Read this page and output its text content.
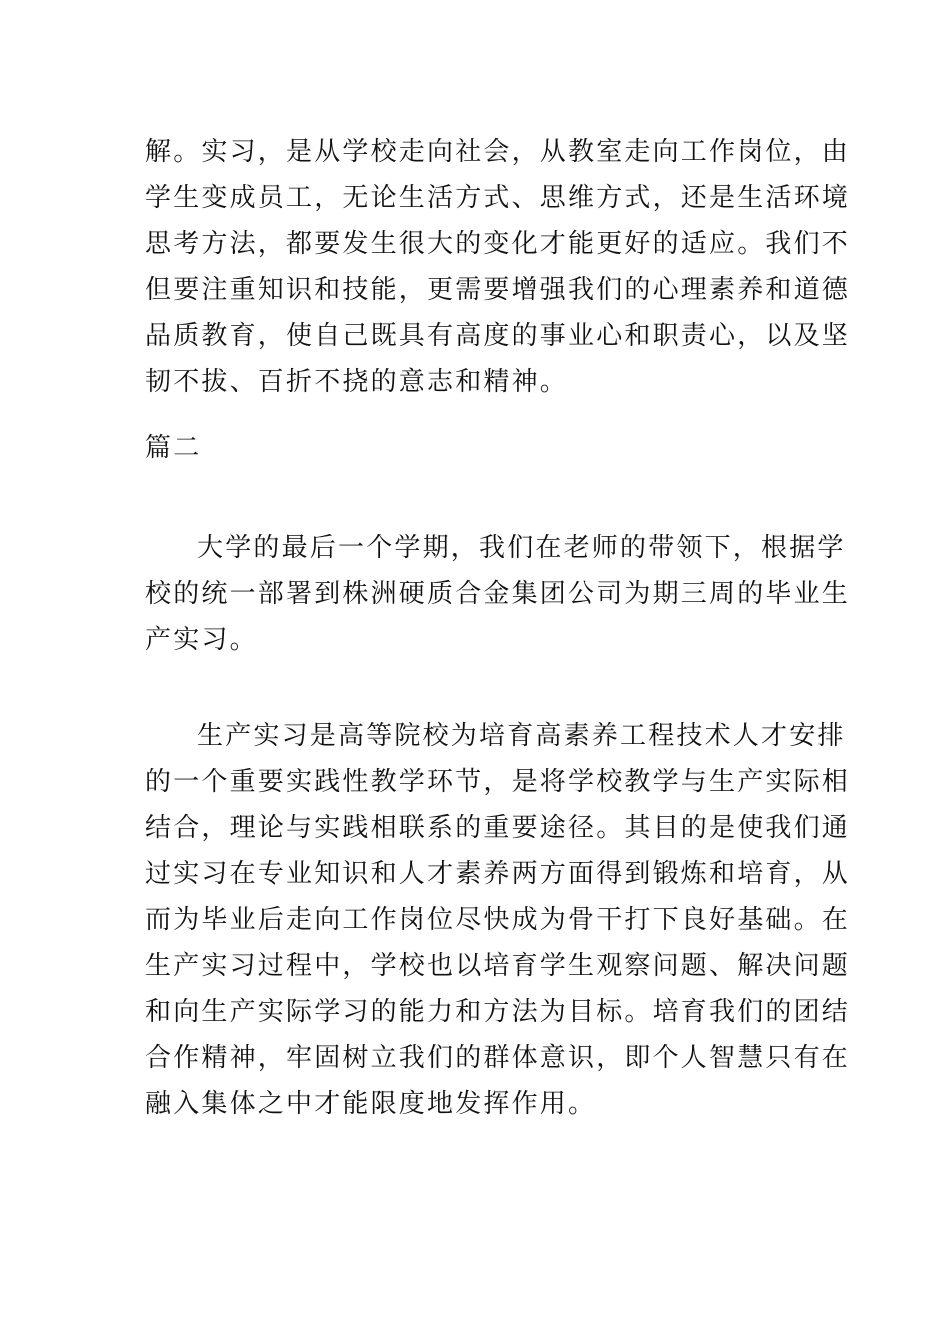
解。实习，是从学校走向社会，从教室走向工作岗位，由
学生变成员工，无论生活方式、思维方式，还是生活环境
思考方法，都要发生很大的变化才能更好的适应。我们不
但要注重知识和技能，更需要增强我们的心理素养和道德
品质教育，使自己既具有高度的事业心和职责心，以及坚
韧不拔、百折不挠的意志和精神。
篇二
大学的最后一个学期，我们在老师的带领下，根据学
校的统一部署到株洲硬质合金集团公司为期三周的毕业生
产实习。
生产实习是高等院校为培育高素养工程技术人才安排
的一个重要实践性教学环节，是将学校教学与生产实际相
结合，理论与实践相联系的重要途径。其目的是使我们通
过实习在专业知识和人才素养两方面得到锻炼和培育，从
而为毕业后走向工作岗位尽快成为骨干打下良好基础。在
生产实习过程中，学校也以培育学生观察问题、解决问题
和向生产实际学习的能力和方法为目标。培育我们的团结
合作精神，牢固树立我们的群体意识，即个人智慧只有在
融入集体之中才能限度地发挥作用。
